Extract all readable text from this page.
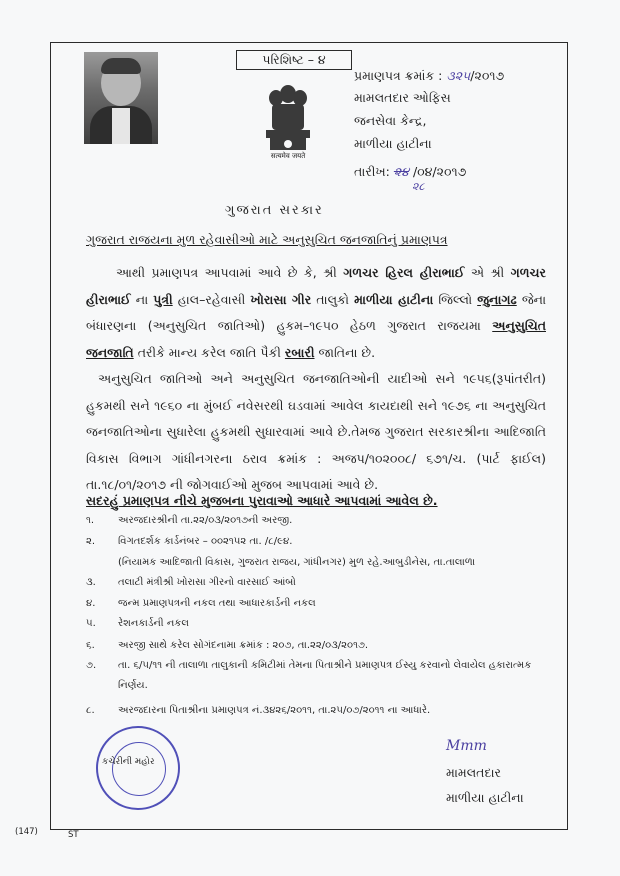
પરિશિષ્ટ – ૪
सत्यमेव जयते
પ્રમાણપત્ર ક્રમાંક : ૩૨૫/૨૦૧૭
મામલતદાર ઓફિસ
જનસેવા કેન્દ્ર,
માળીયા હાટીના
તારીખ: ૨૪ /૦૪/૨૦૧૭
૨૮
ગુજરાત સરકાર
ગુજરાત રાજયના મુળ રહેવાસીઓ માટે અનુસુચિત જનજાતિનું પ્રમાણપત્ર
આથી પ્રમાણપત્ર આપવામાં આવે છે કે, શ્રી ગળચર હિરલ હીરાભાઈ એ શ્રી ગળચર હીરાભાઈ ના પુત્રી હાલ–રહેવાસી ખોરાસા ગીર તાલુકો માળીયા હાટીના જિલ્લો જુનાગઢ જેના બંધારણના (અનુસુચિત જાતિઓ) હુકમ–૧૯૫૦ હેઠળ ગુજરાત રાજયમા અનુસુચિત જનજાતિ તરીકે માન્ય કરેલ જાતિ પૈકી રબારી જાતિના છે.
અનુસુચિત જાતિઓ અને અનુસુચિત જનજાતિઓની યાદીઓ સને ૧૯૫૬(રૂપાંતરીત) હુકમથી સને ૧૯૬૦ ના મુંબઈ નવેસરથી ઘડવામાં આવેલ કાયદાથી સને ૧૯૭૬ ના અનુસુચિત જનજાતિઓના સુધારેલા હુકમથી સુધારવામાં આવે છે.તેમજ ગુજરાત સરકારશ્રીના આદિજાતિ વિકાસ વિભાગ ગાંધીનગરના ઠરાવ ક્રમાંક : અજપ/૧૦૨૦૦૮/ ૬૭૧/ચ. (પાર્ટ ફાઈલ) તા.૧૮/૦૧/૨૦૧૭ ની જોગવાઈઓ મુજબ આપવામાં આવે છે.
સદરહું પ્રમાણપત્ર નીચે મુજબના પુરાવાઓ આધારે આપવામાં આવેલ છે.
૧. અરજદારશ્રીની તા.૨૨/૦૩/૨૦૧૭ની અરજી.
૨. વિગતદર્શક કાર્ડનંબર – ૦૦૨૧૫૨ તા. /૮/૯૪.
(નિયામક આદિજાતી વિકાસ, ગુજરાત રાજય, ગાંધીનગર) મુળ રહે.આબુડીનેસ, તા.તાલાળા
૩. તલાટી મંત્રીશ્રી ખોરાસા ગીરનો વારસાઈ આંબો
૪. જન્મ પ્રમાણપત્રની નકલ તથા આધારકાર્ડની નકલ
૫. રેશનકાર્ડની નકલ
૬. અરજી સાથે કરેલ સોગંદનામા ક્રમાંક : ૨૦૭, તા.૨૨/૦૩/૨૦૧૭.
૭. તા. ૬/૫/૧૧ ની તાલાળા તાલુકાની કમિટીમાં તેમના પિતાશ્રીને પ્રમાણપત્ર ઈસ્યુ કરવાનો લેવાયેલ હકારાત્મક
નિર્ણય.
૮. અરજદારના પિતાશ્રીના પ્રમાણપત્ર નં.૩૪૨૬/૨૦૧૧, તા.૨૫/૦૭/૨૦૧૧ ના આધારે.
કચેરીની મહોર
Mmm
મામલતદાર
માળીયા હાટીના
(147)	ST
